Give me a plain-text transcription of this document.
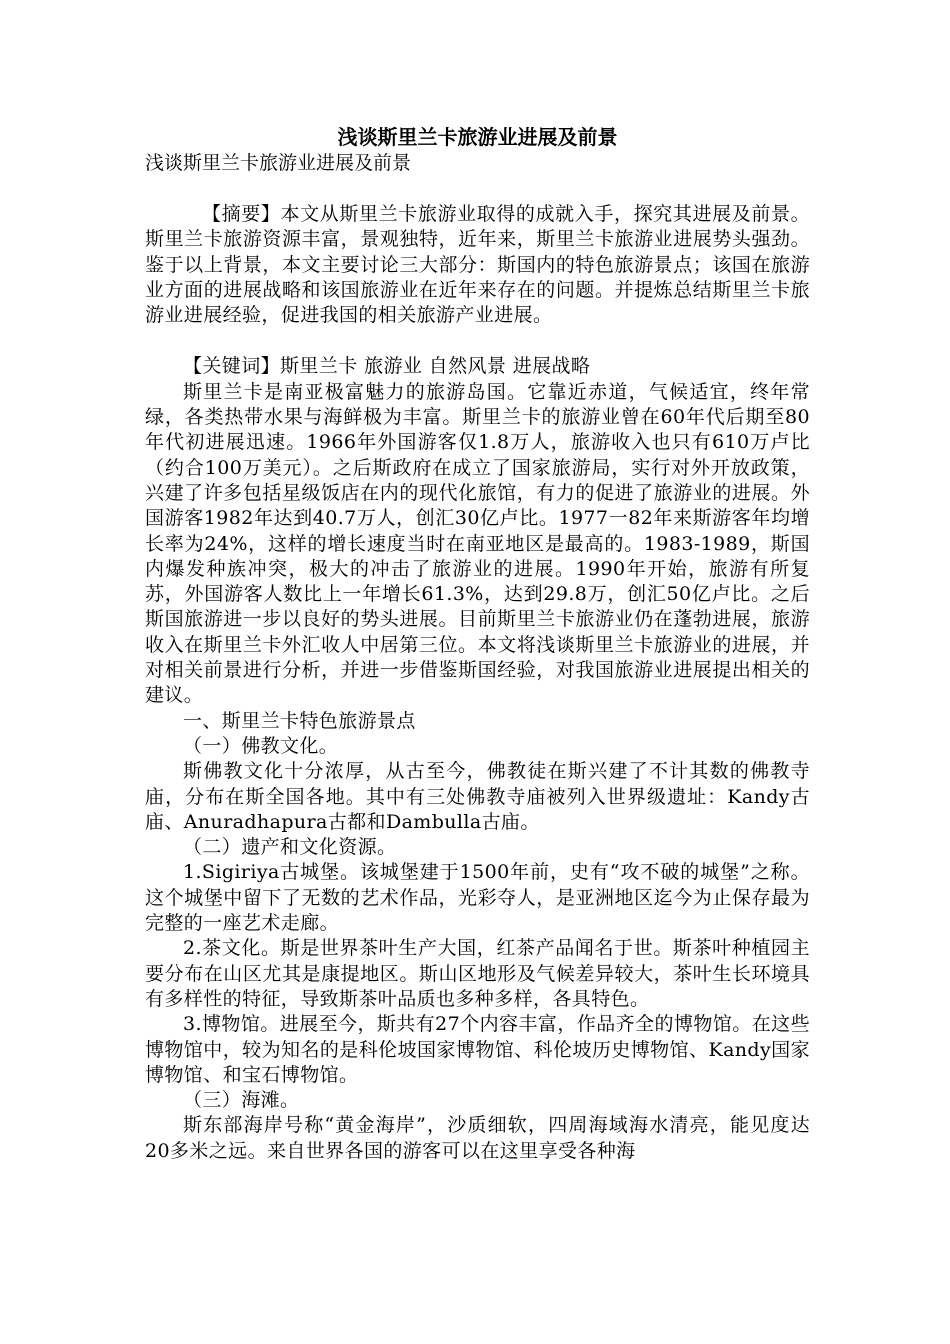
浅谈斯里兰卡旅游业进展及前景
浅谈斯里兰卡旅游业进展及前景

【摘要】本文从斯里兰卡旅游业取得的成就入手，探究其进展及前景。斯里兰卡旅游资源丰富，景观独特，近年来，斯里兰卡旅游业进展势头强劲。鉴于以上背景，本文主要讨论三大部分：斯国内的特色旅游景点；该国在旅游业方面的进展战略和该国旅游业在近年来存在的问题。并提炼总结斯里兰卡旅游业进展经验，促进我国的相关旅游产业进展。

【关键词】斯里兰卡 旅游业 自然风景 进展战略

斯里兰卡是南亚极富魅力的旅游岛国。它靠近赤道，气候适宜，终年常绿，各类热带水果与海鲜极为丰富。斯里兰卡的旅游业曾在60年代后期至80年代初进展迅速。1966年外国游客仅1.8万人，旅游收入也只有610万卢比（约合100万美元）。之后斯政府在成立了国家旅游局，实行对外开放政策，兴建了许多包括星级饭店在内的现代化旅馆，有力的促进了旅游业的进展。外国游客1982年达到40.7万人，创汇30亿卢比。1977一82年来斯游客年均增长率为24%，这样的增长速度当时在南亚地区是最高的。1983-1989，斯国内爆发种族冲突，极大的冲击了旅游业的进展。1990年开始，旅游有所复苏，外国游客人数比上一年增长61.3%，达到29.8万，创汇50亿卢比。之后斯国旅游进一步以良好的势头进展。目前斯里兰卡旅游业仍在蓬勃进展，旅游收入在斯里兰卡外汇收人中居第三位。本文将浅谈斯里兰卡旅游业的进展，并对相关前景进行分析，并进一步借鉴斯国经验，对我国旅游业进展提出相关的建议。

一、斯里兰卡特色旅游景点

（一）佛教文化。

斯佛教文化十分浓厚，从古至今，佛教徒在斯兴建了不计其数的佛教寺庙，分布在斯全国各地。其中有三处佛教寺庙被列入世界级遗址：Kandy古庙、Anuradhapura古都和Dambulla古庙。

（二）遗产和文化资源。

1.Sigiriya古城堡。该城堡建于1500年前，史有“攻不破的城堡”之称。这个城堡中留下了无数的艺术作品，光彩夺人，是亚洲地区迄今为止保存最为完整的一座艺术走廊。

2.茶文化。斯是世界茶叶生产大国，红茶产品闻名于世。斯茶叶种植园主要分布在山区尤其是康提地区。斯山区地形及气候差异较大，茶叶生长环境具有多样性的特征，导致斯茶叶品质也多种多样，各具特色。

3.博物馆。进展至今，斯共有27个内容丰富，作品齐全的博物馆。在这些博物馆中，较为知名的是科伦坡国家博物馆、科伦坡历史博物馆、Kandy国家博物馆、和宝石博物馆。

（三）海滩。

斯东部海岸号称“黄金海岸”，沙质细软，四周海域海水清亮，能见度达20多米之远。来自世界各国的游客可以在这里享受各种海
